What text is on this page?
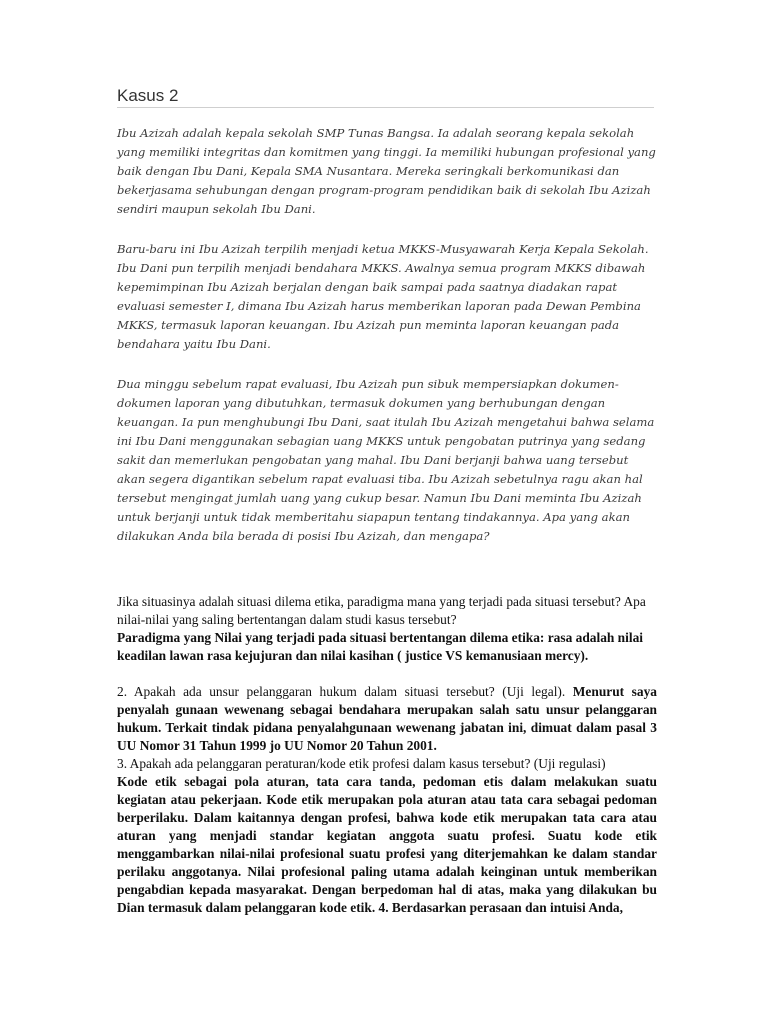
Kasus 2

Ibu Azizah adalah kepala sekolah SMP Tunas Bangsa. Ia adalah seorang kepala sekolah yang memiliki integritas dan komitmen yang tinggi. Ia memiliki hubungan profesional yang baik dengan Ibu Dani, Kepala SMA Nusantara. Mereka seringkali berkomunikasi dan bekerjasama sehubungan dengan program-program pendidikan baik di sekolah Ibu Azizah sendiri maupun sekolah Ibu Dani.

Baru-baru ini Ibu Azizah terpilih menjadi ketua MKKS-Musyawarah Kerja Kepala Sekolah. Ibu Dani pun terpilih menjadi bendahara MKKS. Awalnya semua program MKKS dibawah kepemimpinan Ibu Azizah berjalan dengan baik sampai pada saatnya diadakan rapat evaluasi semester I, dimana Ibu Azizah harus memberikan laporan pada Dewan Pembina MKKS, termasuk laporan keuangan. Ibu Azizah pun meminta laporan keuangan pada bendahara yaitu Ibu Dani.

Dua minggu sebelum rapat evaluasi, Ibu Azizah pun sibuk mempersiapkan dokumen-dokumen laporan yang dibutuhkan, termasuk dokumen yang berhubungan dengan keuangan. Ia pun menghubungi Ibu Dani, saat itulah Ibu Azizah mengetahui bahwa selama ini Ibu Dani menggunakan sebagian uang MKKS untuk pengobatan putrinya yang sedang sakit dan memerlukan pengobatan yang mahal. Ibu Dani berjanji bahwa uang tersebut akan segera digantikan sebelum rapat evaluasi tiba. Ibu Azizah sebetulnya ragu akan hal tersebut mengingat jumlah uang yang cukup besar. Namun Ibu Dani meminta Ibu Azizah untuk berjanji untuk tidak memberitahu siapapun tentang tindakannya. Apa yang akan dilakukan Anda bila berada di posisi Ibu Azizah, dan mengapa?

Jika situasinya adalah situasi dilema etika, paradigma mana yang terjadi pada situasi tersebut? Apa nilai-nilai yang saling bertentangan dalam studi kasus tersebut?

Paradigma yang Nilai yang terjadi pada situasi bertentangan dilema etika: rasa adalah nilai keadilan lawan rasa kejujuran dan nilai kasihan ( justice VS kemanusiaan mercy).

2. Apakah ada unsur pelanggaran hukum dalam situasi tersebut? (Uji legal). Menurut saya penyalah gunaan wewenang sebagai bendahara merupakan salah satu unsur pelanggaran hukum. Terkait tindak pidana penyalahgunaan wewenang jabatan ini, dimuat dalam pasal 3 UU Nomor 31 Tahun 1999 jo UU Nomor 20 Tahun 2001.

3. Apakah ada pelanggaran peraturan/kode etik profesi dalam kasus tersebut? (Uji regulasi)

Kode etik sebagai pola aturan, tata cara tanda, pedoman etis dalam melakukan suatu kegiatan atau pekerjaan. Kode etik merupakan pola aturan atau tata cara sebagai pedoman berperilaku. Dalam kaitannya dengan profesi, bahwa kode etik merupakan tata cara atau aturan yang menjadi standar kegiatan anggota suatu profesi. Suatu kode etik menggambarkan nilai-nilai profesional suatu profesi yang diterjemahkan ke dalam standar perilaku anggotanya. Nilai profesional paling utama adalah keinginan untuk memberikan pengabdian kepada masyarakat. Dengan berpedoman hal di atas, maka yang dilakukan bu Dian termasuk dalam pelanggaran kode etik. 4. Berdasarkan perasaan dan intuisi Anda,
